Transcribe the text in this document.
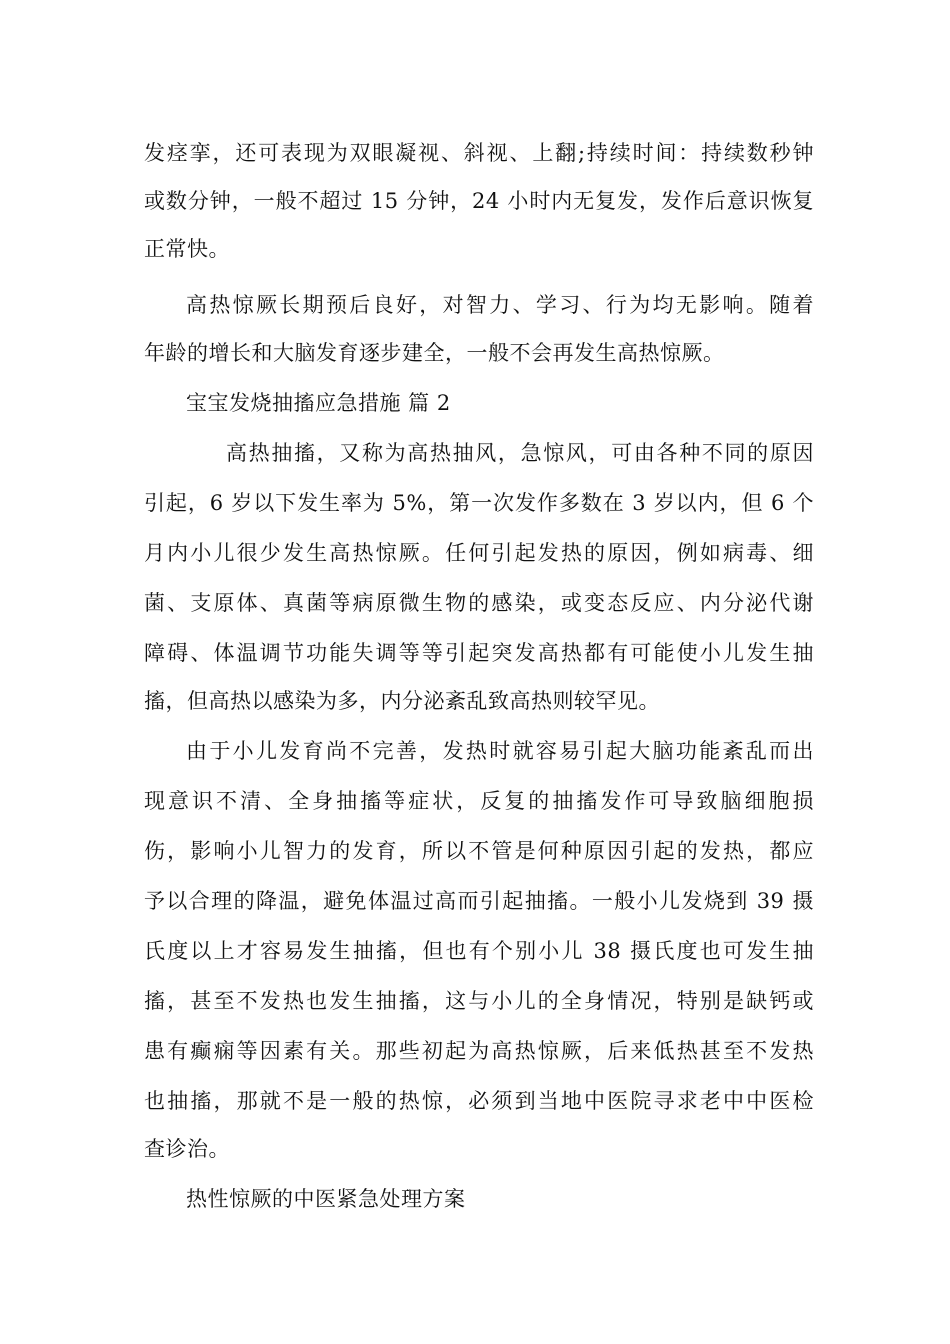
发痉挛，还可表现为双眼凝视、斜视、上翻;持续时间：持续数秒钟
或数分钟，一般不超过 15 分钟，24 小时内无复发，发作后意识恢复
正常快。
高热惊厥长期预后良好，对智力、学习、行为均无影响。随着
年龄的增长和大脑发育逐步建全，一般不会再发生高热惊厥。
宝宝发烧抽搐应急措施 篇 2
高热抽搐，又称为高热抽风，急惊风，可由各种不同的原因
引起，6 岁以下发生率为 5%，第一次发作多数在 3 岁以内，但 6 个
月内小儿很少发生高热惊厥。任何引起发热的原因，例如病毒、细
菌、支原体、真菌等病原微生物的感染，或变态反应、内分泌代谢
障碍、体温调节功能失调等等引起突发高热都有可能使小儿发生抽
搐，但高热以感染为多，内分泌紊乱致高热则较罕见。
由于小儿发育尚不完善，发热时就容易引起大脑功能紊乱而出
现意识不清、全身抽搐等症状，反复的抽搐发作可导致脑细胞损
伤，影响小儿智力的发育，所以不管是何种原因引起的发热，都应
予以合理的降温，避免体温过高而引起抽搐。一般小儿发烧到 39 摄
氏度以上才容易发生抽搐，但也有个别小儿 38 摄氏度也可发生抽
搐，甚至不发热也发生抽搐，这与小儿的全身情况，特别是缺钙或
患有癫痫等因素有关。那些初起为高热惊厥，后来低热甚至不发热
也抽搐，那就不是一般的热惊，必须到当地中医院寻求老中中医检
查诊治。
热性惊厥的中医紧急处理方案
